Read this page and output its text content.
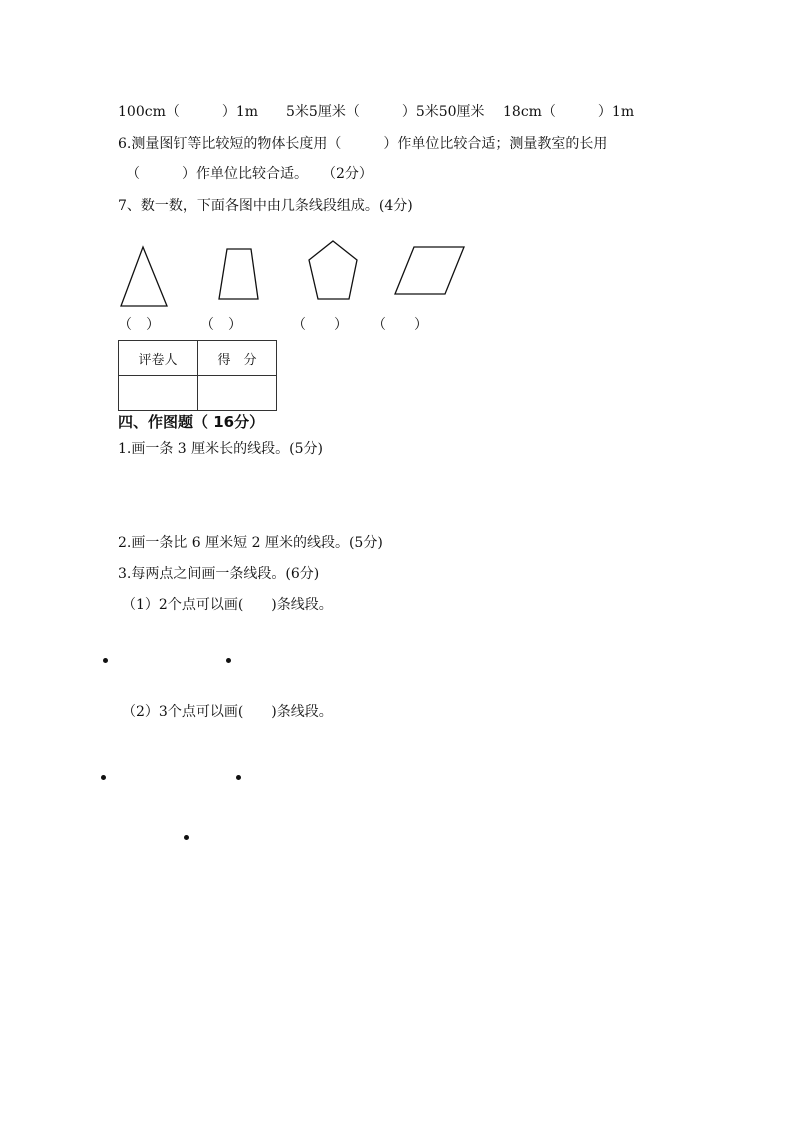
100cm（　　　）1m　　5米5厘米（　　　）5米50厘米　 18cm（　　　）1m
6.测量图钉等比较短的物体长度用（　　　）作单位比较合适；测量教室的长用
（　　　）作单位比较合适。　　（2分）
7、数一数，下面各图中由几条线段组成。(4分)
（　）	（　）	（　　） （　　）
评卷人	得　分

四、作图题（ 16分）
1.画一条 3 厘米长的线段。(5分)
2.画一条比 6 厘米短 2 厘米的线段。(5分)
3.每两点之间画一条线段。(6分)
（1）2个点可以画(　　)条线段。
（2）3个点可以画(　　)条线段。
